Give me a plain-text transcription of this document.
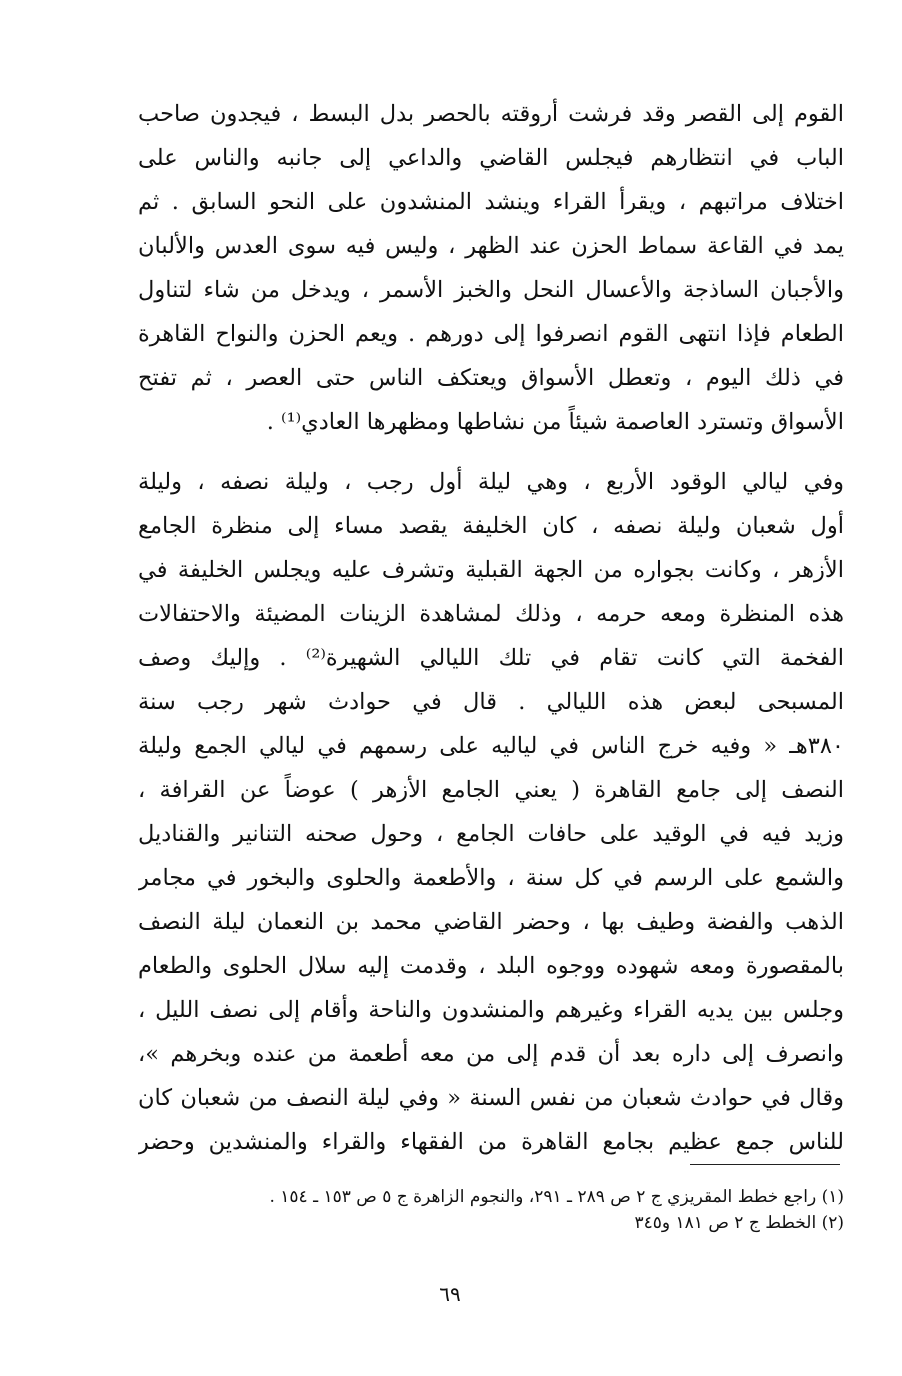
القوم إلى القصر وقد فرشت أروقته بالحصر بدل البسط ، فيجدون صاحب
الباب في انتظارهم فيجلس القاضي والداعي إلى جانبه والناس على
اختلاف مراتبهم ، ويقرأ القراء وينشد المنشدون على النحو السابق . ثم
يمد في القاعة سماط الحزن عند الظهر ، وليس فيه سوى العدس والألبان
والأجبان الساذجة والأعسال النحل والخبز الأسمر ، ويدخل من شاء لتناول
الطعام فإذا انتهى القوم انصرفوا إلى دورهم . ويعم الحزن والنواح القاهرة
في ذلك اليوم ، وتعطل الأسواق ويعتكف الناس حتى العصر ، ثم تفتح
الأسواق وتسترد العاصمة شيئاً من نشاطها ومظهرها العادي⁽¹⁾ .
وفي ليالي الوقود الأربع ، وهي ليلة أول رجب ، وليلة نصفه ، وليلة
أول شعبان وليلة نصفه ، كان الخليفة يقصد مساء إلى منظرة الجامع
الأزهر ، وكانت بجواره من الجهة القبلية وتشرف عليه ويجلس الخليفة في
هذه المنظرة ومعه حرمه ، وذلك لمشاهدة الزينات المضيئة والاحتفالات
الفخمة التي كانت تقام في تلك الليالي الشهيرة⁽²⁾ . وإليك وصف
المسبحى لبعض هذه الليالي . قال في حوادث شهر رجب سنة
٣٨٠هـ « وفيه خرج الناس في لياليه على رسمهم في ليالي الجمع وليلة
النصف إلى جامع القاهرة ( يعني الجامع الأزهر ) عوضاً عن القرافة ،
وزيد فيه في الوقيد على حافات الجامع ، وحول صحنه التنانير والقناديل
والشمع على الرسم في كل سنة ، والأطعمة والحلوى والبخور في مجامر
الذهب والفضة وطيف بها ، وحضر القاضي محمد بن النعمان ليلة النصف
بالمقصورة ومعه شهوده ووجوه البلد ، وقدمت إليه سلال الحلوى والطعام
وجلس بين يديه القراء وغيرهم والمنشدون والناحة وأقام إلى نصف الليل ،
وانصرف إلى داره بعد أن قدم إلى من معه أطعمة من عنده وبخرهم »،
وقال في حوادث شعبان من نفس السنة « وفي ليلة النصف من شعبان كان
للناس جمع عظيم بجامع القاهرة من الفقهاء والقراء والمنشدين وحضر
(١) راجع خطط المقريزي ج ٢ ص ٢٨٩ ـ ٢٩١، والنجوم الزاهرة ج ٥ ص ١٥٣ ـ ١٥٤ .
(٢) الخطط ج ٢ ص ١٨١ و٣٤٥
٦٩
